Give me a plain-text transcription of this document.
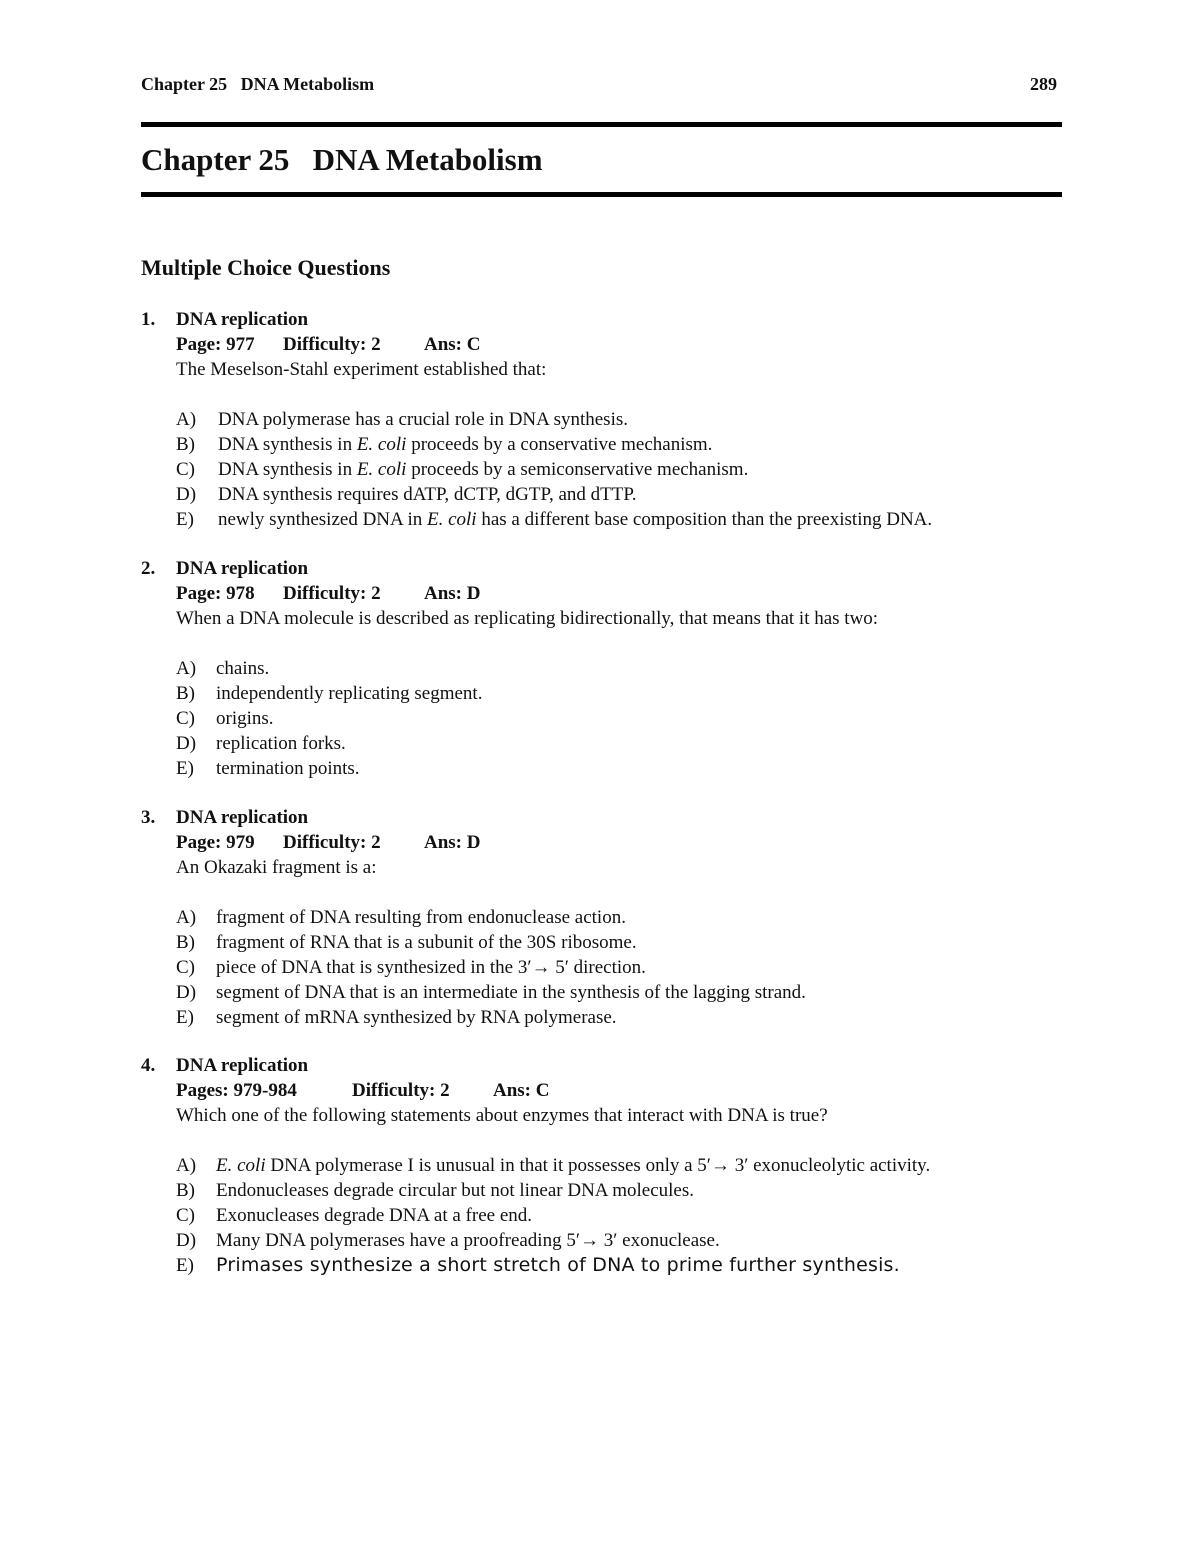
Chapter 25   DNA Metabolism	289
Chapter 25   DNA Metabolism
Multiple Choice Questions
1. DNA replication
Page: 977 Difficulty: 2 Ans: C
The Meselson-Stahl experiment established that:
A)	DNA polymerase has a crucial role in DNA synthesis.
B)	DNA synthesis in E. coli proceeds by a conservative mechanism.
C)	DNA synthesis in E. coli proceeds by a semiconservative mechanism.
D)	DNA synthesis requires dATP, dCTP, dGTP, and dTTP.
E)	newly synthesized DNA in E. coli has a different base composition than the preexisting DNA.
2. DNA replication
Page: 978 Difficulty: 2 Ans: D
When a DNA molecule is described as replicating bidirectionally, that means that it has two:
A)	chains.
B)	independently replicating segment.
C)	origins.
D)	replication forks.
E)	termination points.
3. DNA replication
Page: 979 Difficulty: 2 Ans: D
An Okazaki fragment is a:
A)	fragment of DNA resulting from endonuclease action.
B)	fragment of RNA that is a subunit of the 30S ribosome.
C)	piece of DNA that is synthesized in the 3′→ 5′ direction.
D)	segment of DNA that is an intermediate in the synthesis of the lagging strand.
E)	segment of mRNA synthesized by RNA polymerase.
4. DNA replication
Pages: 979-984	Difficulty: 2 Ans: C
Which one of the following statements about enzymes that interact with DNA is true?
A)	E. coli DNA polymerase I is unusual in that it possesses only a 5′→ 3′ exonucleolytic activity.
B)	Endonucleases degrade circular but not linear DNA molecules.
C)	Exonucleases degrade DNA at a free end.
D)	Many DNA polymerases have a proofreading 5′→ 3′ exonuclease.
E)	Primases synthesize a short stretch of DNA to prime further synthesis.
